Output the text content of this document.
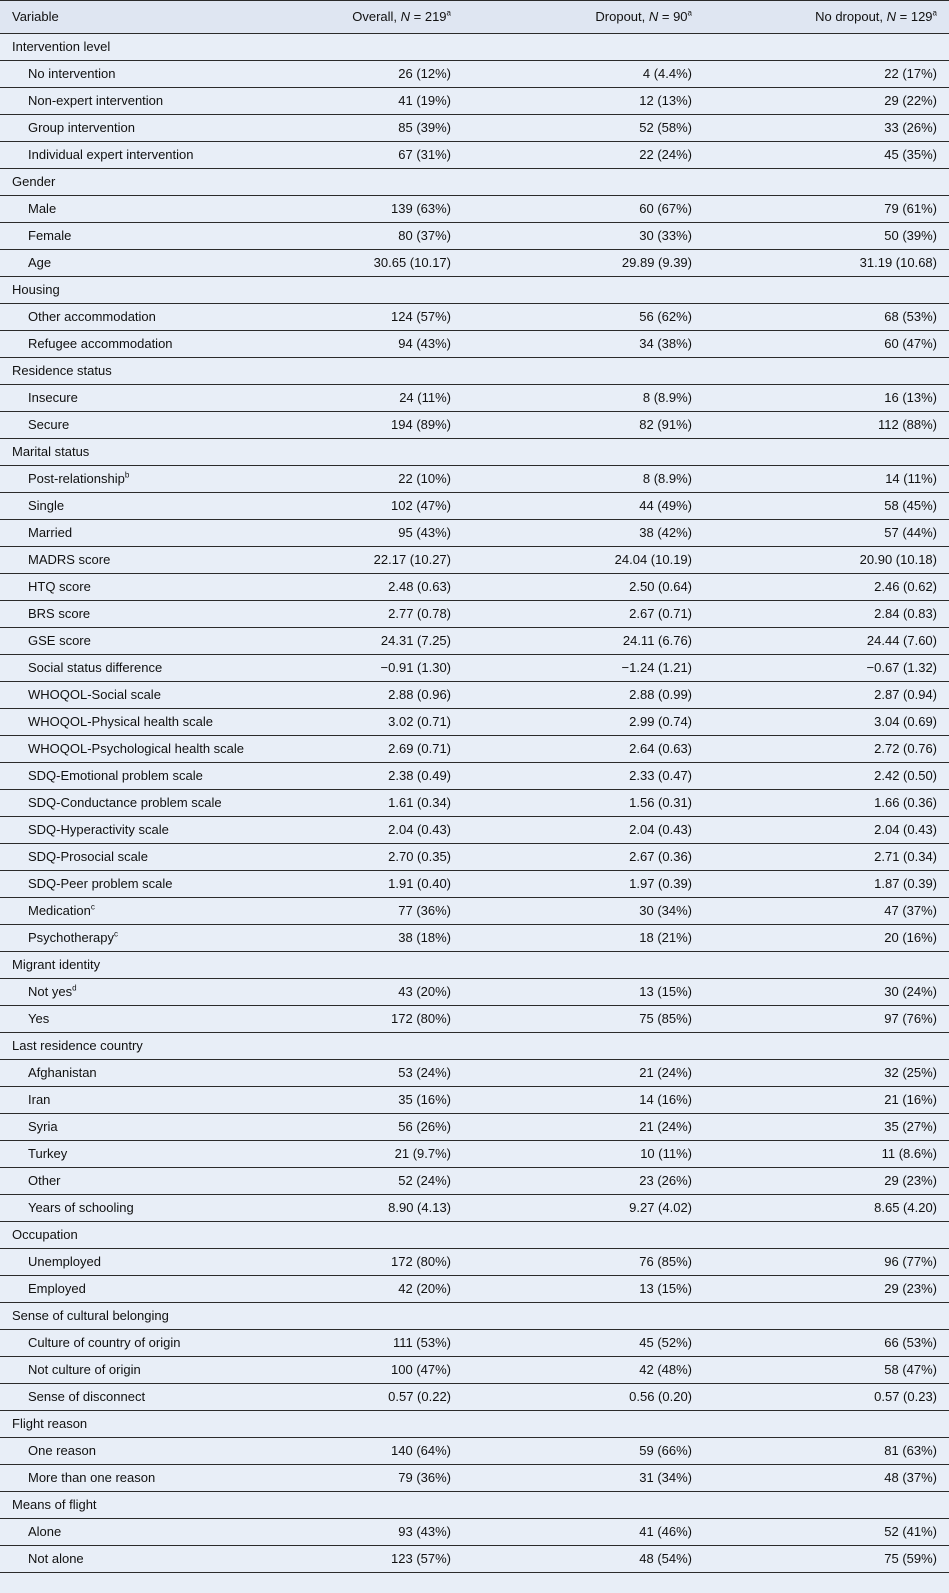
Variable	Overall, $N = 219^a$	Dropout, $N = 90^a$	No dropout, $N = 129^a$
Intervention level			
No intervention	26 (12%)	4 (4.4%)	22 (17%)
Non-expert intervention	41 (19%)	12 (13%)	29 (22%)
Group intervention	85 (39%)	52 (58%)	33 (26%)
Individual expert intervention	67 (31%)	22 (24%)	45 (35%)
Gender			
Male	139 (63%)	60 (67%)	79 (61%)
Female	80 (37%)	30 (33%)	50 (39%)
Age	30.65 (10.17)	29.89 (9.39)	31.19 (10.68)
Housing			
Other accommodation	124 (57%)	56 (62%)	68 (53%)
Refugee accommodation	94 (43%)	34 (38%)	60 (47%)
Residence status			
Insecure	24 (11%)	8 (8.9%)	16 (13%)
Secure	194 (89%)	82 (91%)	112 (88%)
Marital status			
Post-relationship$^b$	22 (10%)	8 (8.9%)	14 (11%)
Single	102 (47%)	44 (49%)	58 (45%)
Married	95 (43%)	38 (42%)	57 (44%)
MADRS score	22.17 (10.27)	24.04 (10.19)	20.90 (10.18)
HTQ score	2.48 (0.63)	2.50 (0.64)	2.46 (0.62)
BRS score	2.77 (0.78)	2.67 (0.71)	2.84 (0.83)
GSE score	24.31 (7.25)	24.11 (6.76)	24.44 (7.60)
Social status difference	−0.91 (1.30)	−1.24 (1.21)	−0.67 (1.32)
WHOQOL-Social scale	2.88 (0.96)	2.88 (0.99)	2.87 (0.94)
WHOQOL-Physical health scale	3.02 (0.71)	2.99 (0.74)	3.04 (0.69)
WHOQOL-Psychological health scale	2.69 (0.71)	2.64 (0.63)	2.72 (0.76)
SDQ-Emotional problem scale	2.38 (0.49)	2.33 (0.47)	2.42 (0.50)
SDQ-Conductance problem scale	1.61 (0.34)	1.56 (0.31)	1.66 (0.36)
SDQ-Hyperactivity scale	2.04 (0.43)	2.04 (0.43)	2.04 (0.43)
SDQ-Prosocial scale	2.70 (0.35)	2.67 (0.36)	2.71 (0.34)
SDQ-Peer problem scale	1.91 (0.40)	1.97 (0.39)	1.87 (0.39)
Medication$^c$	77 (36%)	30 (34%)	47 (37%)
Psychotherapy$^c$	38 (18%)	18 (21%)	20 (16%)
Migrant identity			
Not yes$^d$	43 (20%)	13 (15%)	30 (24%)
Yes	172 (80%)	75 (85%)	97 (76%)
Last residence country			
Afghanistan	53 (24%)	21 (24%)	32 (25%)
Iran	35 (16%)	14 (16%)	21 (16%)
Syria	56 (26%)	21 (24%)	35 (27%)
Turkey	21 (9.7%)	10 (11%)	11 (8.6%)
Other	52 (24%)	23 (26%)	29 (23%)
Years of schooling	8.90 (4.13)	9.27 (4.02)	8.65 (4.20)
Occupation			
Unemployed	172 (80%)	76 (85%)	96 (77%)
Employed	42 (20%)	13 (15%)	29 (23%)
Sense of cultural belonging			
Culture of country of origin	111 (53%)	45 (52%)	66 (53%)
Not culture of origin	100 (47%)	42 (48%)	58 (47%)
Sense of disconnect	0.57 (0.22)	0.56 (0.20)	0.57 (0.23)
Flight reason			
One reason	140 (64%)	59 (66%)	81 (63%)
More than one reason	79 (36%)	31 (34%)	48 (37%)
Means of flight			
Alone	93 (43%)	41 (46%)	52 (41%)
Not alone	123 (57%)	48 (54%)	75 (59%)
